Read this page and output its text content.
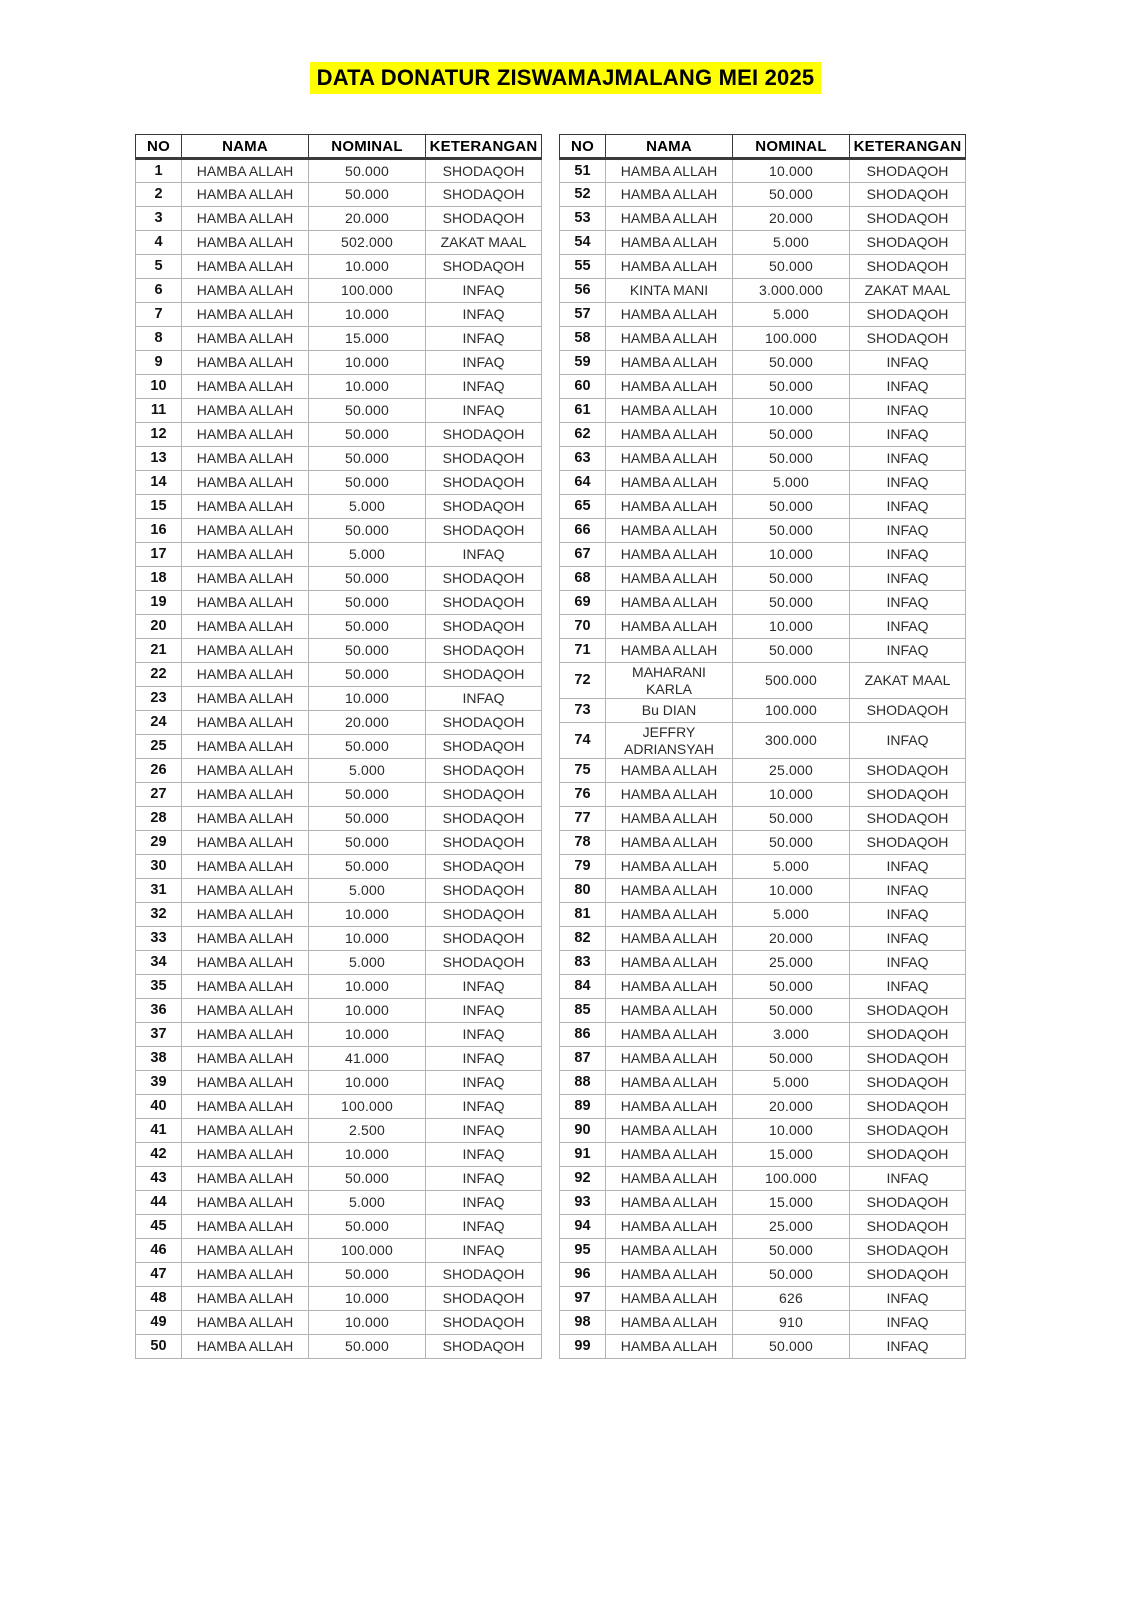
DATA DONATUR ZISWAMAJMALANG MEI 2025
NO	NAMA	NOMINAL	KETERANGAN
1	HAMBA ALLAH	50.000	SHODAQOH
2	HAMBA ALLAH	50.000	SHODAQOH
3	HAMBA ALLAH	20.000	SHODAQOH
4	HAMBA ALLAH	502.000	ZAKAT MAAL
5	HAMBA ALLAH	10.000	SHODAQOH
6	HAMBA ALLAH	100.000	INFAQ
7	HAMBA ALLAH	10.000	INFAQ
8	HAMBA ALLAH	15.000	INFAQ
9	HAMBA ALLAH	10.000	INFAQ
10	HAMBA ALLAH	10.000	INFAQ
11	HAMBA ALLAH	50.000	INFAQ
12	HAMBA ALLAH	50.000	SHODAQOH
13	HAMBA ALLAH	50.000	SHODAQOH
14	HAMBA ALLAH	50.000	SHODAQOH
15	HAMBA ALLAH	5.000	SHODAQOH
16	HAMBA ALLAH	50.000	SHODAQOH
17	HAMBA ALLAH	5.000	INFAQ
18	HAMBA ALLAH	50.000	SHODAQOH
19	HAMBA ALLAH	50.000	SHODAQOH
20	HAMBA ALLAH	50.000	SHODAQOH
21	HAMBA ALLAH	50.000	SHODAQOH
22	HAMBA ALLAH	50.000	SHODAQOH
23	HAMBA ALLAH	10.000	INFAQ
24	HAMBA ALLAH	20.000	SHODAQOH
25	HAMBA ALLAH	50.000	SHODAQOH
26	HAMBA ALLAH	5.000	SHODAQOH
27	HAMBA ALLAH	50.000	SHODAQOH
28	HAMBA ALLAH	50.000	SHODAQOH
29	HAMBA ALLAH	50.000	SHODAQOH
30	HAMBA ALLAH	50.000	SHODAQOH
31	HAMBA ALLAH	5.000	SHODAQOH
32	HAMBA ALLAH	10.000	SHODAQOH
33	HAMBA ALLAH	10.000	SHODAQOH
34	HAMBA ALLAH	5.000	SHODAQOH
35	HAMBA ALLAH	10.000	INFAQ
36	HAMBA ALLAH	10.000	INFAQ
37	HAMBA ALLAH	10.000	INFAQ
38	HAMBA ALLAH	41.000	INFAQ
39	HAMBA ALLAH	10.000	INFAQ
40	HAMBA ALLAH	100.000	INFAQ
41	HAMBA ALLAH	2.500	INFAQ
42	HAMBA ALLAH	10.000	INFAQ
43	HAMBA ALLAH	50.000	INFAQ
44	HAMBA ALLAH	5.000	INFAQ
45	HAMBA ALLAH	50.000	INFAQ
46	HAMBA ALLAH	100.000	INFAQ
47	HAMBA ALLAH	50.000	SHODAQOH
48	HAMBA ALLAH	10.000	SHODAQOH
49	HAMBA ALLAH	10.000	SHODAQOH
50	HAMBA ALLAH	50.000	SHODAQOH
NO	NAMA	NOMINAL	KETERANGAN
51	HAMBA ALLAH	10.000	SHODAQOH
52	HAMBA ALLAH	50.000	SHODAQOH
53	HAMBA ALLAH	20.000	SHODAQOH
54	HAMBA ALLAH	5.000	SHODAQOH
55	HAMBA ALLAH	50.000	SHODAQOH
56	KINTA MANI	3.000.000	ZAKAT MAAL
57	HAMBA ALLAH	5.000	SHODAQOH
58	HAMBA ALLAH	100.000	SHODAQOH
59	HAMBA ALLAH	50.000	INFAQ
60	HAMBA ALLAH	50.000	INFAQ
61	HAMBA ALLAH	10.000	INFAQ
62	HAMBA ALLAH	50.000	INFAQ
63	HAMBA ALLAH	50.000	INFAQ
64	HAMBA ALLAH	5.000	INFAQ
65	HAMBA ALLAH	50.000	INFAQ
66	HAMBA ALLAH	50.000	INFAQ
67	HAMBA ALLAH	10.000	INFAQ
68	HAMBA ALLAH	50.000	INFAQ
69	HAMBA ALLAH	50.000	INFAQ
70	HAMBA ALLAH	10.000	INFAQ
71	HAMBA ALLAH	50.000	INFAQ
72	MAHARANI KARLA	500.000	ZAKAT MAAL
73	Bu DIAN	100.000	SHODAQOH
74	JEFFRY ADRIANSYAH	300.000	INFAQ
75	HAMBA ALLAH	25.000	SHODAQOH
76	HAMBA ALLAH	10.000	SHODAQOH
77	HAMBA ALLAH	50.000	SHODAQOH
78	HAMBA ALLAH	50.000	SHODAQOH
79	HAMBA ALLAH	5.000	INFAQ
80	HAMBA ALLAH	10.000	INFAQ
81	HAMBA ALLAH	5.000	INFAQ
82	HAMBA ALLAH	20.000	INFAQ
83	HAMBA ALLAH	25.000	INFAQ
84	HAMBA ALLAH	50.000	INFAQ
85	HAMBA ALLAH	50.000	SHODAQOH
86	HAMBA ALLAH	3.000	SHODAQOH
87	HAMBA ALLAH	50.000	SHODAQOH
88	HAMBA ALLAH	5.000	SHODAQOH
89	HAMBA ALLAH	20.000	SHODAQOH
90	HAMBA ALLAH	10.000	SHODAQOH
91	HAMBA ALLAH	15.000	SHODAQOH
92	HAMBA ALLAH	100.000	INFAQ
93	HAMBA ALLAH	15.000	SHODAQOH
94	HAMBA ALLAH	25.000	SHODAQOH
95	HAMBA ALLAH	50.000	SHODAQOH
96	HAMBA ALLAH	50.000	SHODAQOH
97	HAMBA ALLAH	626	INFAQ
98	HAMBA ALLAH	910	INFAQ
99	HAMBA ALLAH	50.000	INFAQ
